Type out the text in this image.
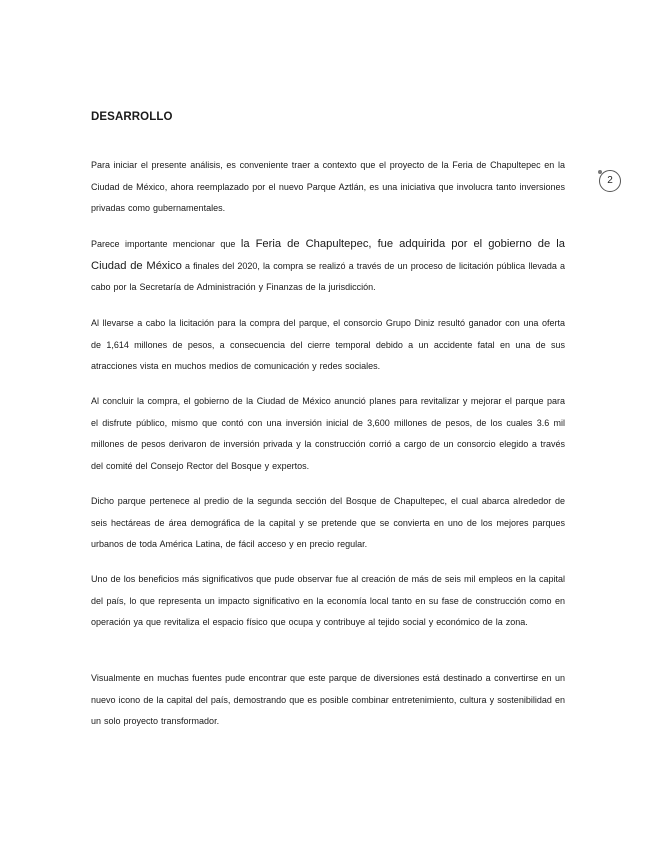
DESARROLLO
2

Para iniciar el presente análisis, es conveniente traer a contexto que el proyecto de la Feria de Chapultepec en la Ciudad de México, ahora reemplazado por el nuevo Parque Aztlán, es una iniciativa que involucra tanto inversiones privadas como gubernamentales.

Parece importante mencionar que la Feria de Chapultepec, fue adquirida por el gobierno de la Ciudad de México a finales del 2020, la compra se realizó a través de un proceso de licitación pública llevada a cabo por la Secretaría de Administración y Finanzas de la jurisdicción.

Al llevarse a cabo la licitación para la compra del parque, el consorcio Grupo Diniz resultó ganador con una oferta de 1,614 millones de pesos, a consecuencia del cierre temporal debido a un accidente fatal en una de sus atracciones vista en muchos medios de comunicación y redes sociales.

Al concluir la compra, el gobierno de la Ciudad de México anunció planes para revitalizar y mejorar el parque para el disfrute público, mismo que contó con una inversión inicial de 3,600 millones de pesos, de los cuales 3.6 mil millones de pesos derivaron de inversión privada y la construcción corrió a cargo de un consorcio elegido a través del comité del Consejo Rector del Bosque y expertos.

Dicho parque pertenece al predio de la segunda sección del Bosque de Chapultepec, el cual abarca alrededor de seis hectáreas de área demográfica de la capital y se pretende que se convierta en uno de los mejores parques urbanos de toda América Latina, de fácil acceso y en precio regular.

Uno de los beneficios más significativos que pude observar fue al creación de más de seis mil empleos en la capital del país, lo que representa un impacto significativo en la economía local tanto en su fase de construcción como en operación ya que revitaliza el espacio físico que ocupa y contribuye al tejido social y económico de la zona.

Visualmente en muchas fuentes pude encontrar que este parque de diversiones está destinado a convertirse en un nuevo icono de la capital del país, demostrando que es posible combinar entretenimiento, cultura y sostenibilidad en un solo proyecto transformador.
